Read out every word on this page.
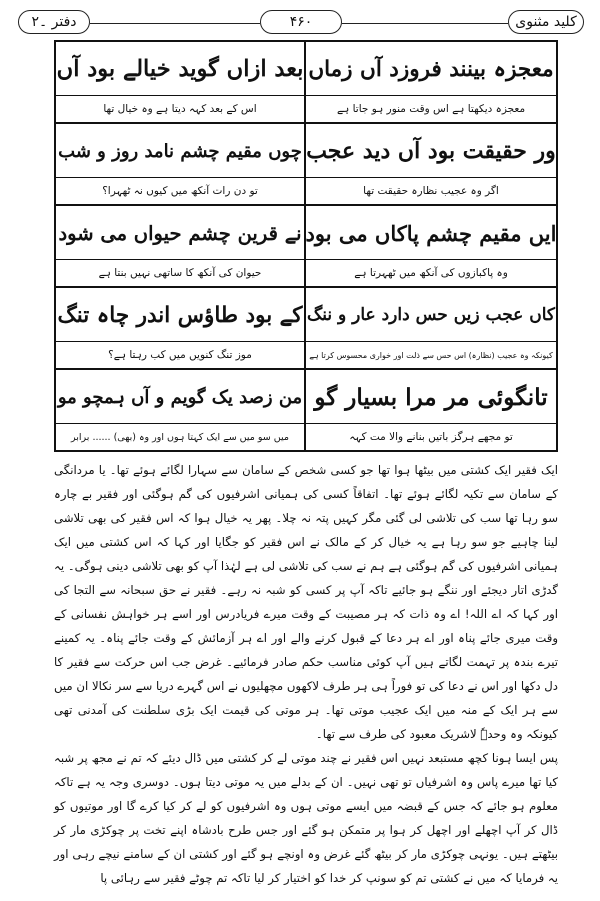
دفتر ۔۲	۴۶۰	کلید مثنوی
معجزہ بینند فروزد آں زماں
معجزہ دیکھتا ہے اس وقت منور ہو جاتا ہے
بعد ازاں گوید خیالے بود آں
اس کے بعد کہہ دیتا ہے وہ خیال تھا
ور حقیقت بود آں دید عجب
اگر وہ عجیب نظارہ حقیقت تھا
چوں مقیم چشم نامد روز و شب
تو دن رات آنکھ میں کیوں نہ ٹھہرا؟
ایں مقیم چشم پاکاں می بود
وہ پاکبازوں کی آنکھ میں ٹھہرتا ہے
نے قرین چشم حیواں می شود
حیوان کی آنکھ کا ساتھی نہیں بنتا ہے
کاں عجب زیں حس دارد عار و ننگ
کیونکہ وہ عجیب (نظارہ) اس حس سے ذلت اور خواری محسوس کرتا ہے
کے بود طاؤس اندر چاہ تنگ
موز تنگ کنویں میں کب رہتا ہے؟
تانگوئی مر مرا بسیار گو
تو مجھے ہرگز باتیں بنانے والا مت کہہ
من زصد یک گویم و آں ہمچو مو
میں سو میں سے ایک کہتا ہوں اور وہ (بھی) ...... برابر

ایک فقیر ایک کشتی میں بیٹھا ہوا تھا جو کسی شخص کے سامان سے سہارا لگائے ہوئے تھا۔ یا مردانگی کے سامان سے تکیہ لگائے ہوئے تھا۔ اتفاقاً کسی کی ہمیانی اشرفیوں کی گم ہوگئی اور فقیر بے چارہ سو رہا تھا سب کی تلاشی لی گئی مگر کہیں پتہ نہ چلا۔ پھر یہ خیال ہوا کہ اس فقیر کی بھی تلاشی لینا چاہیے جو سو رہا ہے یہ خیال کر کے مالک نے اس فقیر کو جگایا اور کہا کہ اس کشتی میں ایک ہمیانی اشرفیوں کی گم ہوگئی ہے ہم نے سب کی تلاشی لی ہے لہٰذا آپ کو بھی تلاشی دینی ہوگی۔ یہ گدڑی اتار دیجئے اور ننگے ہو جائیے تاکہ آپ پر کسی کو شبہ نہ رہے۔ فقیر نے حق سبحانہ سے التجا کی اور کہا کہ اے اللہ! اے وہ ذات کہ ہر مصیبت کے وقت میرے فریادرس اور اسے ہر خواہش نفسانی کے وقت میری جائے پناہ اور اے ہر دعا کے قبول کرنے والے اور اے ہر آزمائش کے وقت جائے پناہ۔ یہ کمینے تیرے بندہ پر تہمت لگاتے ہیں آپ کوئی مناسب حکم صادر فرمائیے۔ غرض جب اس حرکت سے فقیر کا دل دکھا اور اس نے دعا کی تو فوراً ہی ہر طرف لاکھوں مچھلیوں نے اس گہرے دریا سے سر نکالا ان میں سے ہر ایک کے منہ میں ایک عجیب موتی تھا۔ ہر موتی کی قیمت ایک بڑی سلطنت کی آمدنی تھی کیونکہ وہ وحدہٗ لاشریک معبود کی طرف سے تھا۔

پس ایسا ہونا کچھ مستبعد نہیں اس فقیر نے چند موتی لے کر کشتی میں ڈال دیئے کہ تم نے مجھ پر شبہ کیا تھا میرے پاس وہ اشرفیاں تو تھی نہیں۔ ان کے بدلے میں یہ موتی دیتا ہوں۔ دوسری وجہ یہ ہے تاکہ معلوم ہو جائے کہ جس کے قبضہ میں ایسے موتی ہوں وہ اشرفیوں کو لے کر کیا کرے گا اور موتیوں کو ڈال کر آپ اچھلے اور اچھل کر ہوا پر متمکن ہو گئے اور جس طرح بادشاہ اپنے تخت پر چوکڑی مار کر بیٹھتے ہیں۔ یونہی چوکڑی مار کر بیٹھ گئے غرض وہ اونچے ہو گئے اور کشتی ان کے سامنے نیچے رہی اور یہ فرمایا کہ میں نے کشتی تم کو سونپ کر خدا کو اختیار کر لیا تاکہ تم چوٹے فقیر سے رہائی پا
